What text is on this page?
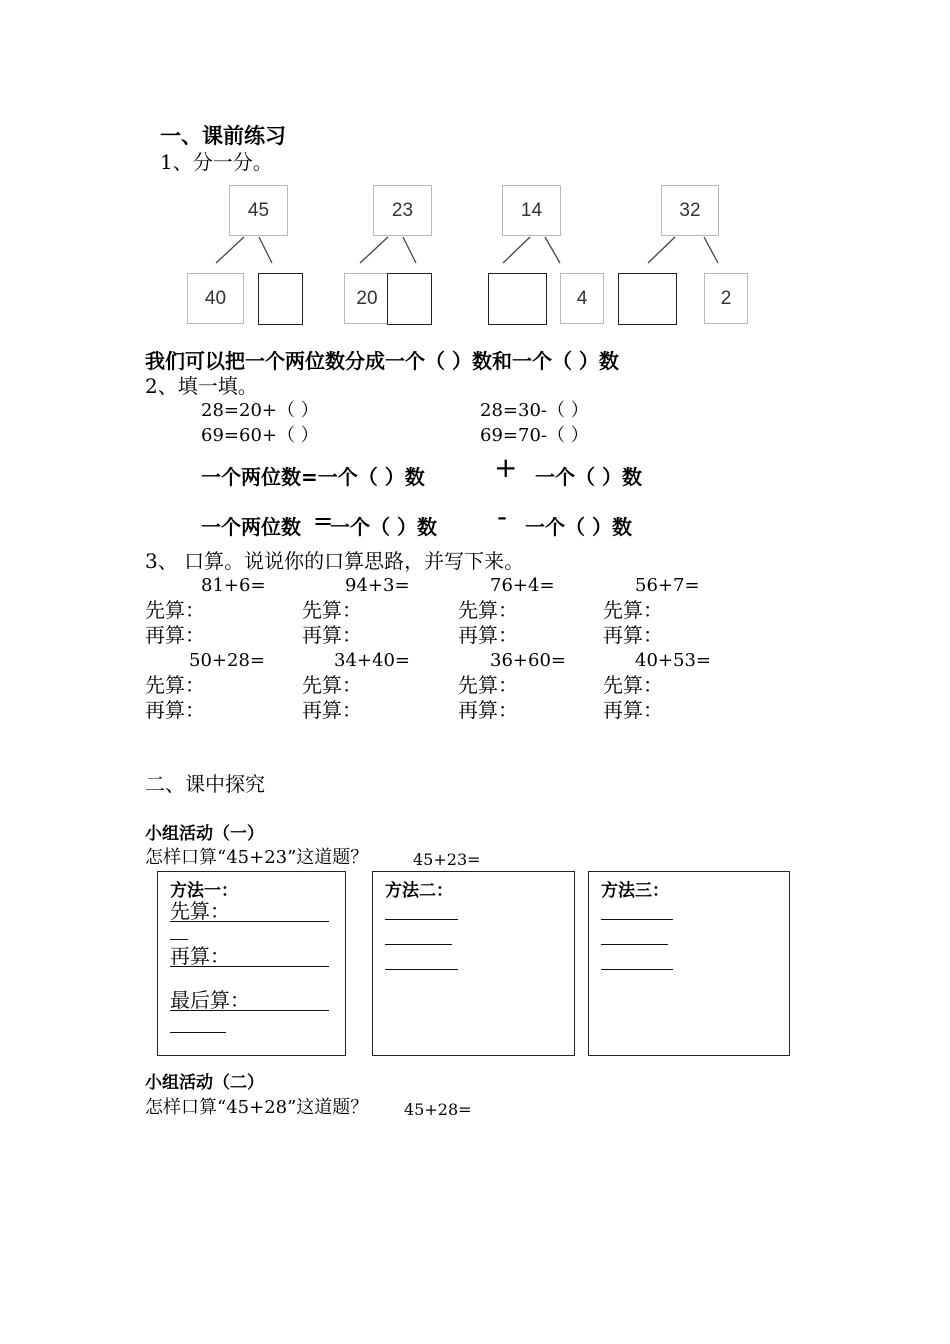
一、课前练习
1、分一分。
45
40
23
20
14
4
32
2
我们可以把一个两位数分成一个（ ）数和一个（ ）数
2、填一填。
28=20+（ ）	28=30-（ ）
69=60+（ ）	69=70-（ ）
一个两位数=一个（ ）数 + 一个（ ）数
一个两位数 =
一个（ ）数 - 一个（ ）数
3、 口算。说说你的口算思路，并写下来。
81+6=	94+3=	76+4=	56+7=
先算：	先算：	先算：	先算：
再算：	再算：	再算：	再算：
50+28=	34+40=	36+60=	40+53=
先算：	先算：	先算：	先算：
再算：	再算：	再算：	再算：
二、课中探究
小组活动（一）
怎样口算“45+23”这道题？	45+23=
方法一：
先算：
再算：
最后算：
方法二：	方法三：
小组活动（二）
怎样口算“45+28”这道题？ 45+28=
